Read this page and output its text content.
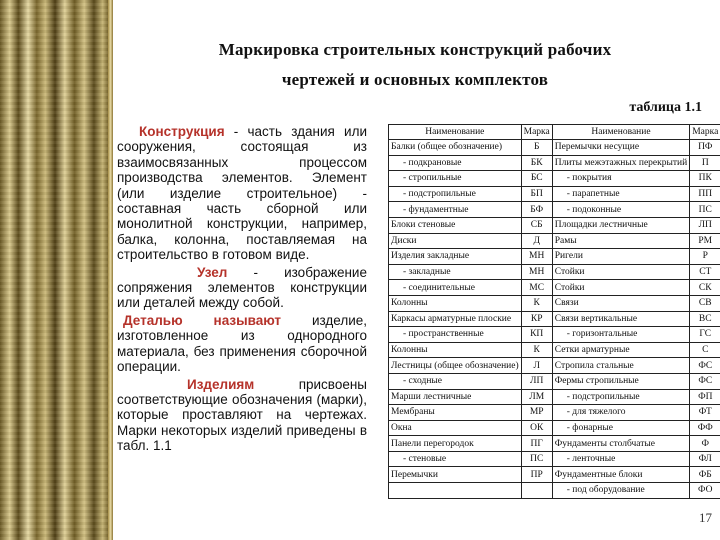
Маркировка строительных конструкций рабочих
чертежей и основных комплектов
таблица 1.1

Конструкция - часть здания или сооружения, состоящая из взаимосвязанных процессом производства элементов. Элемент (или изделие строительное) - составная часть сборной или монолитной конструкции, например, балка, колонна, поставляемая на строительство в готовом виде.

Узел - изображение сопряжения элементов конструкции или деталей между собой.

Деталью называют изделие, изготовленное из однородного материала, без применения сборочной операции.

Изделиям присвоены соответствующие обозначения (марки), которые проставляют на чертежах. Марки некоторых изделий приведены в табл. 1.1

Наименование	Марка	Наименование	Марка
Балки (общее обозначение)	Б	Перемычки несущие	ПФ
- подкрановые	БК	Плиты межэтажных перекрытий	П
- стропильные	БС	- покрытия	ПК
- подстропильные	БП	- парапетные	ПП
- фундаментные	БФ	- подоконные	ПС
Блоки стеновые	СБ	Площадки лестничные	ЛП
Диски	Д	Рамы	РМ
Изделия закладные	МН	Ригели	Р
- закладные	МН	Стойки	СТ
- соединительные	МС	Стойки	СК
Колонны	К	Связи	СВ
Каркасы арматурные плоские	КР	Связи вертикальные	ВС
- пространственные	КП	- горизонтальные	ГС
Колонны	К	Сетки арматурные	С
Лестницы (общее обозначение)	Л	Стропила стальные	ФС
- сходные	ЛП	Фермы стропильные	ФС
Марши лестничные	ЛМ	- подстропильные	ФП
Мембраны	МР	- для тяжелого	ФТ
Окна	ОК	- фонарные	ФФ
Панели перегородок	ПГ	Фундаменты столбчатые	Ф
- стеновые	ПС	- ленточные	ФЛ
Перемычки	ПР	Фундаментные блоки	ФБ
		- под оборудование	ФО
17
